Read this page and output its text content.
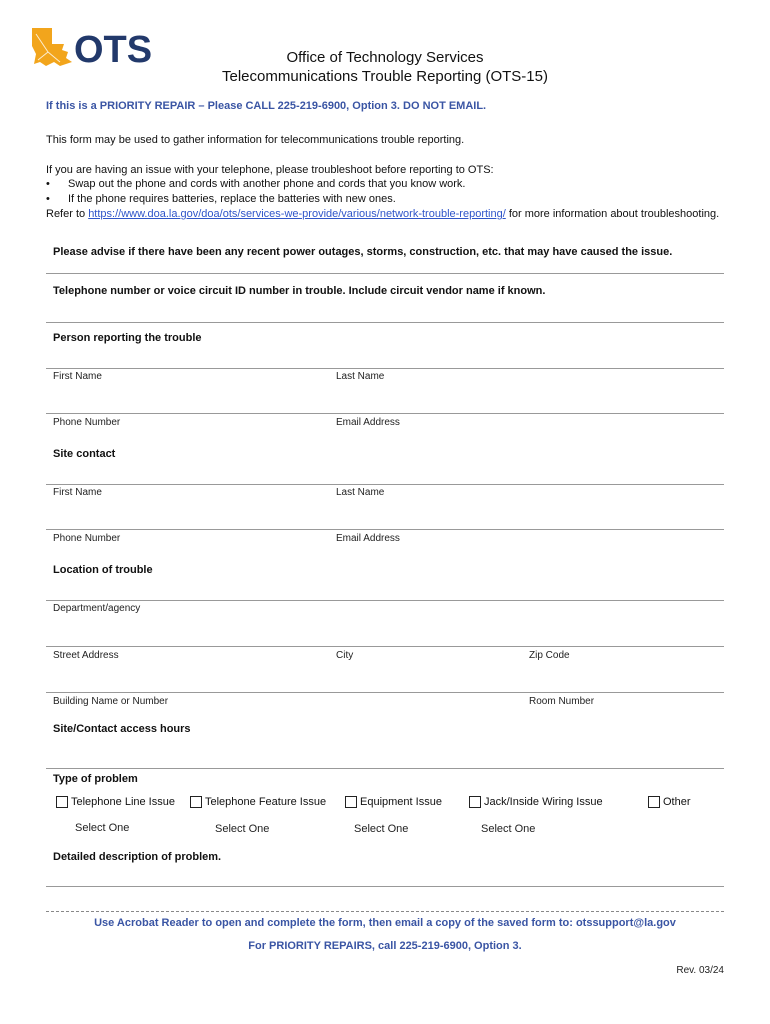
OTS	Office of Technology Services
Telecommunications Trouble Reporting (OTS-15)
If this is a PRIORITY REPAIR – Please CALL 225-219-6900, Option 3. DO NOT EMAIL.
This form may be used to gather information for telecommunications trouble reporting.
If you are having an issue with your telephone, please troubleshoot before reporting to OTS:
• Swap out the phone and cords with another phone and cords that you know work.
• If the phone requires batteries, replace the batteries with new ones.
Refer to https://www.doa.la.gov/doa/ots/services-we-provide/various/network-trouble-reporting/ for more information about troubleshooting.
Please advise if there have been any recent power outages, storms, construction, etc. that may have caused the issue.
Telephone number or voice circuit ID number in trouble. Include circuit vendor name if known.
Person reporting the trouble
First Name	Last Name
Phone Number	Email Address
Site contact
First Name	Last Name
Phone Number	Email Address
Location of trouble
Department/agency
Street Address	City	Zip Code
Building Name or Number	Room Number
Site/Contact access hours
Type of problem
Telephone Line Issue	Telephone Feature Issue	Equipment Issue	Jack/Inside Wiring Issue	Other
Select One	Select One	Select One	Select One
Detailed description of problem.
Use Acrobat Reader to open and complete the form, then email a copy of the saved form to: otssupport@la.gov
For PRIORITY REPAIRS, call 225-219-6900, Option 3.
Rev. 03/24
